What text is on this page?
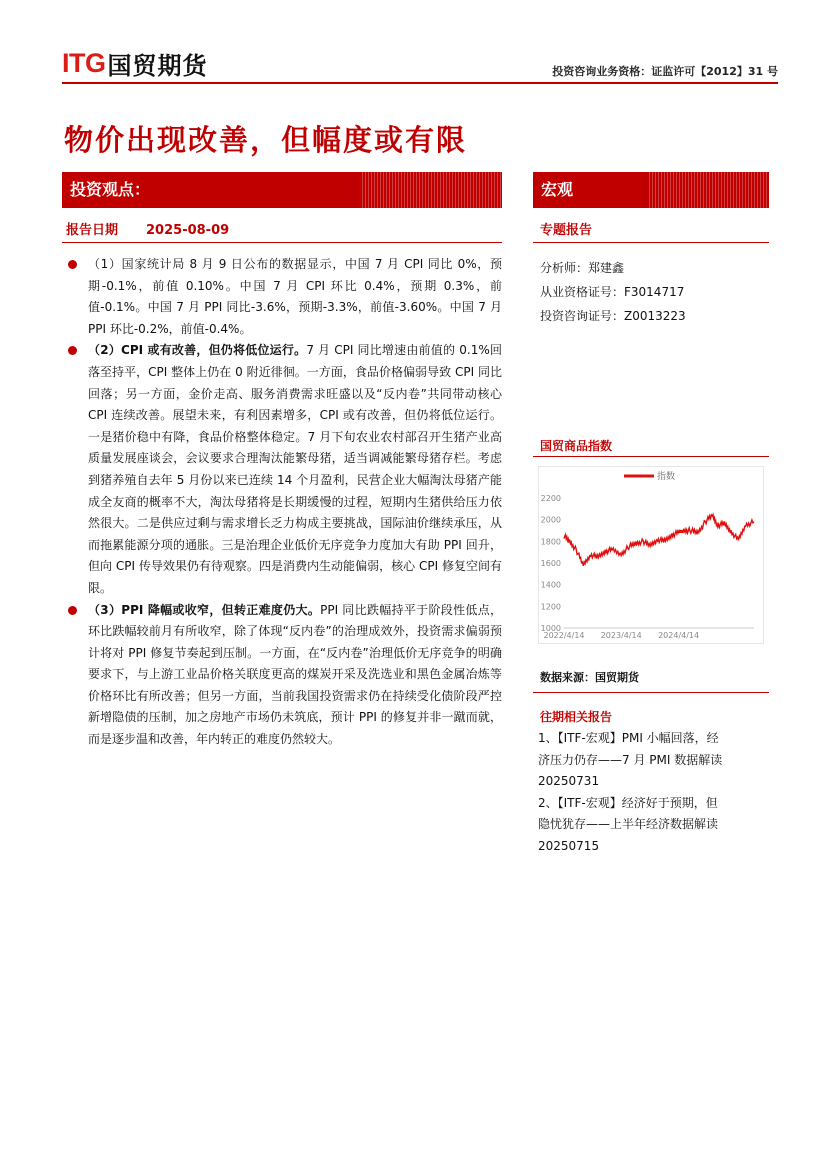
ITG 国贸期货	投资咨询业务资格：证监许可【2012】31 号
物价出现改善，但幅度或有限
投资观点：	宏观
报告日期 2025-08-09	专题报告
（1）国家统计局 8 月 9 日公布的数据显示，中国 7 月 CPI 同比 0%，预期-0.1%，前值 0.10%。中国 7 月 CPI 环比 0.4%，预期 0.3%，前值-0.1%。中国 7 月 PPI 同比-3.6%，预期-3.3%，前值-3.60%。中国 7 月 PPI 环比-0.2%，前值-0.4%。
（2）CPI 或有改善，但仍将低位运行。7 月 CPI 同比增速由前值的 0.1%回落至持平，CPI 整体上仍在 0 附近徘徊。一方面，食品价格偏弱导致 CPI 同比回落；另一方面，金价走高、服务消费需求旺盛以及“反内卷”共同带动核心 CPI 连续改善。展望未来，有利因素增多，CPI 或有改善，但仍将低位运行。一是猪价稳中有降，食品价格整体稳定。7 月下旬农业农村部召开生猪产业高质量发展座谈会，会议要求合理淘汰能繁母猪，适当调减能繁母猪存栏。考虑到猪养殖自去年 5 月份以来已连续 14 个月盈利，民营企业大幅淘汰母猪产能成全友商的概率不大，淘汰母猪将是长期缓慢的过程，短期内生猪供给压力依然很大。二是供应过剩与需求增长乏力构成主要挑战，国际油价继续承压，从而拖累能源分项的通胀。三是治理企业低价无序竞争力度加大有助 PPI 回升，但向 CPI 传导效果仍有待观察。四是消费内生动能偏弱，核心 CPI 修复空间有限。
（3）PPI 降幅或收窄，但转正难度仍大。PPI 同比跌幅持平于阶段性低点，环比跌幅较前月有所收窄，除了体现“反内卷”的治理成效外，投资需求偏弱预计将对 PPI 修复节奏起到压制。一方面，在“反内卷”治理低价无序竞争的明确要求下，与上游工业品价格关联度更高的煤炭开采及洗选业和黑色金属冶炼等价格环比有所改善；但另一方面，当前我国投资需求仍在持续受化债阶段严控新增隐债的压制，加之房地产市场仍未筑底，预计 PPI 的修复并非一蹴而就，而是逐步温和改善，年内转正的难度仍然较大。
分析师：郑建鑫
从业资格证号：F3014717
投资咨询证号：Z0013223
国贸商品指数
1000
1200
1400
1600
1800
2000
2200
2022/4/14 2023/4/14 2024/4/14
指数
数据来源：国贸期货
往期相关报告
1、【ITF-宏观】PMI 小幅回落，经
济压力仍存——7 月 PMI 数据解读
20250731
2、【ITF-宏观】经济好于预期，但
隐忧犹存——上半年经济数据解读
20250715
